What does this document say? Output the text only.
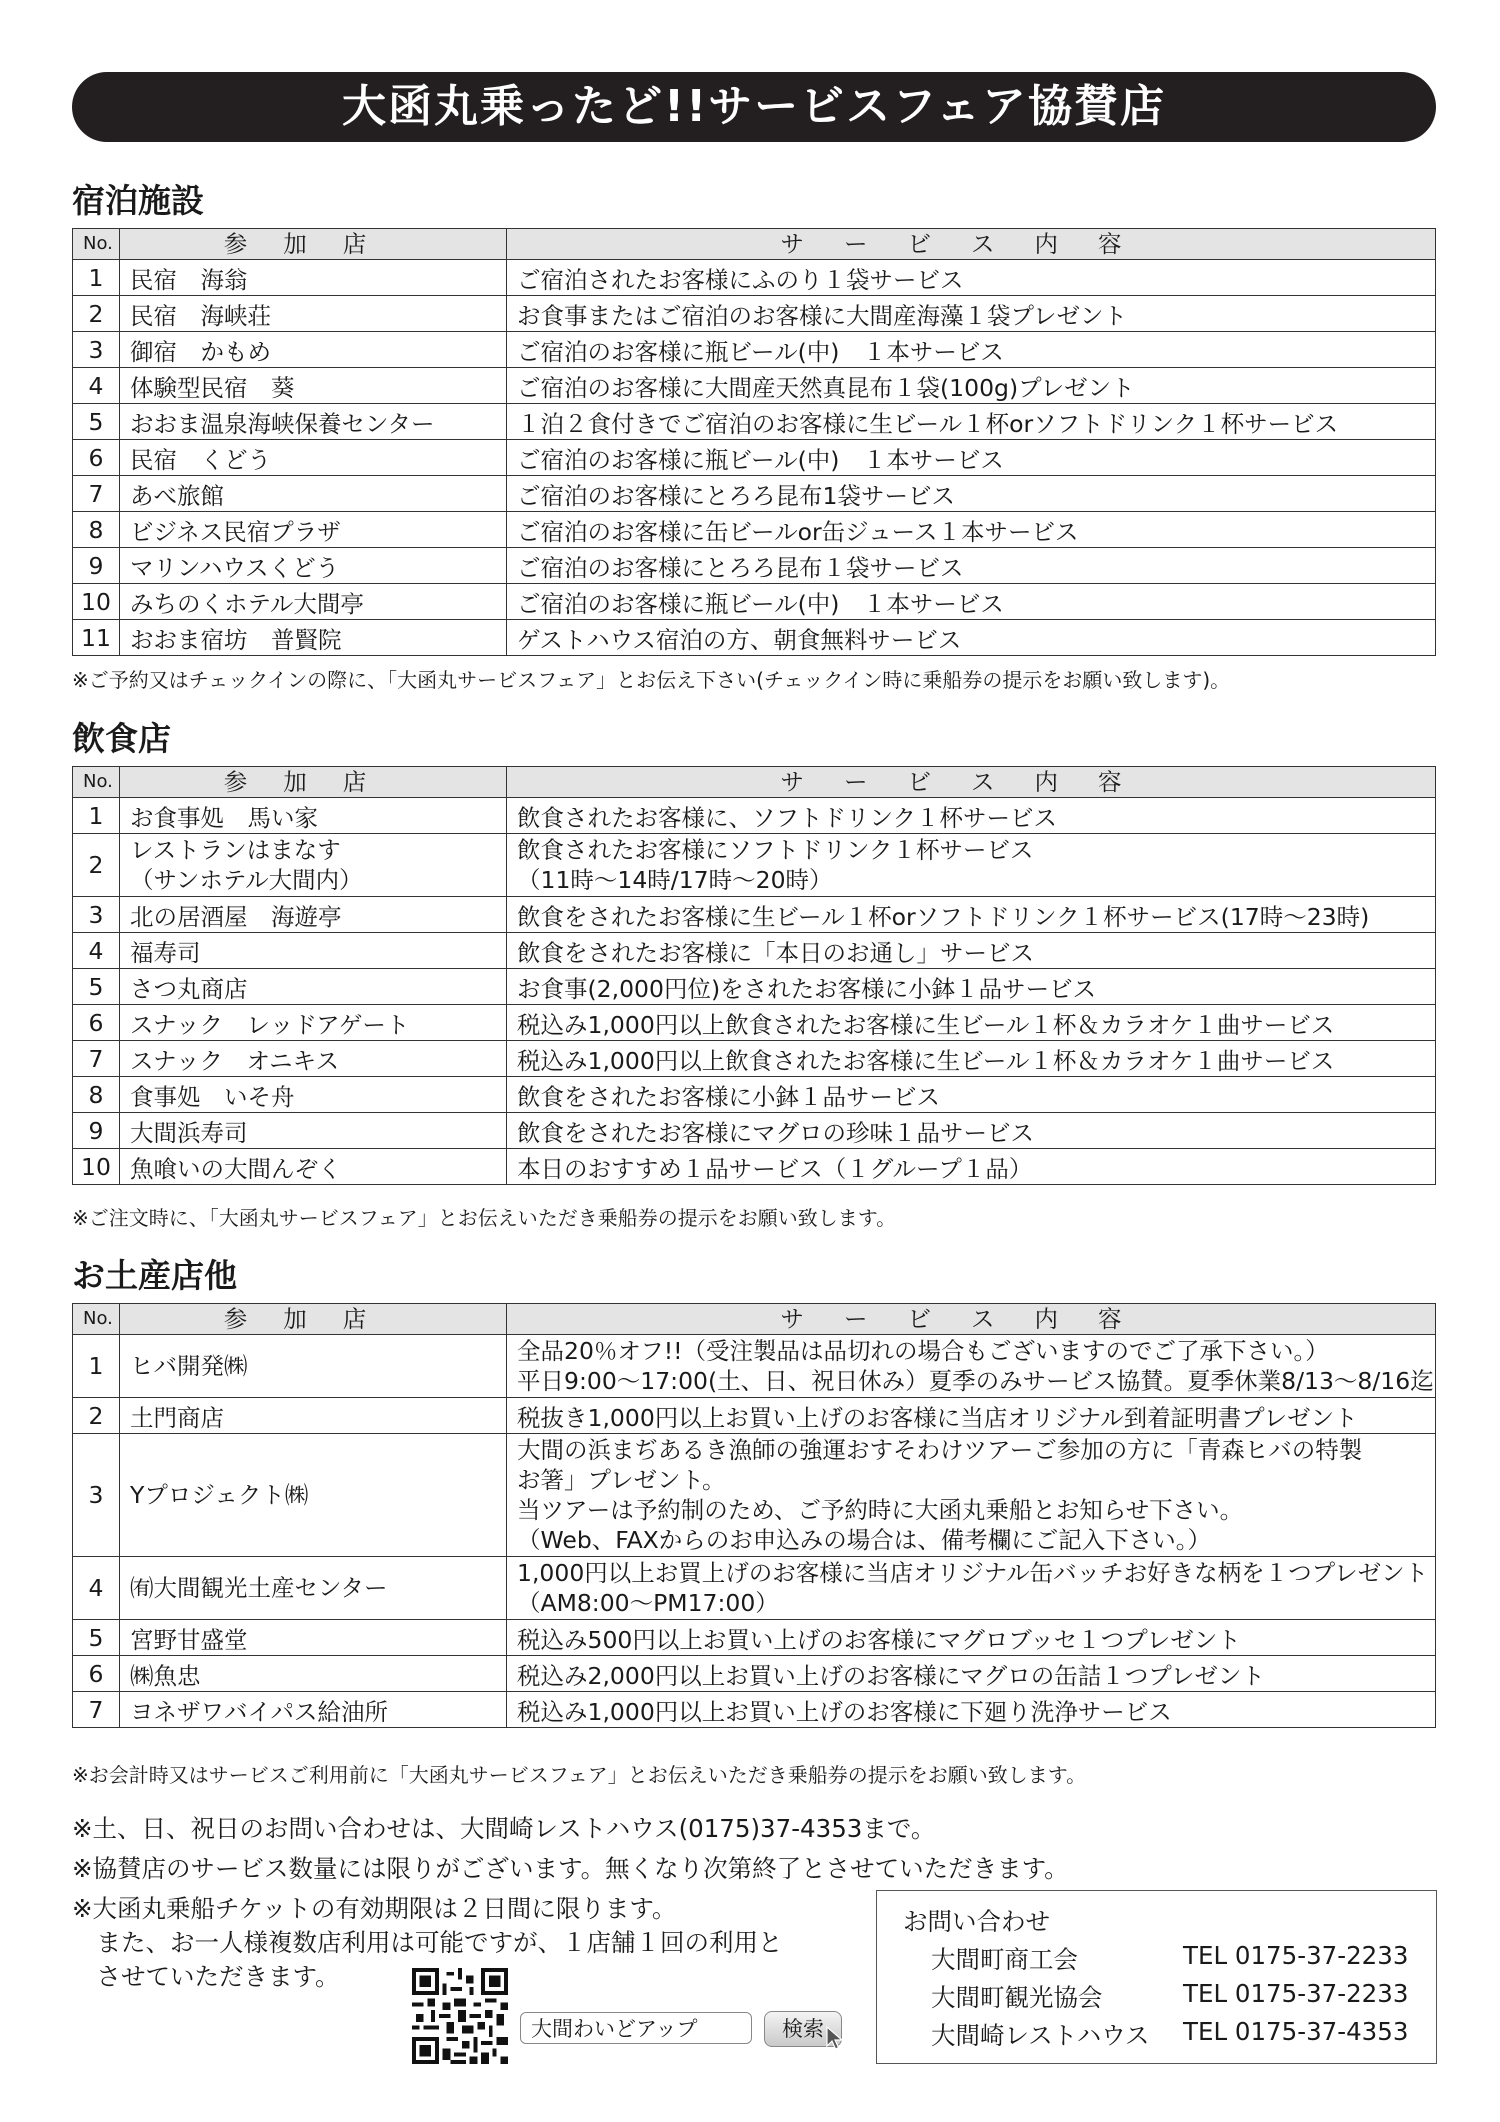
大函丸乗ったど!!サービスフェア協賛店
宿泊施設
No.	参加店	サービス内容
1	民宿　海翁	ご宿泊されたお客様にふのり１袋サービス

2	民宿　海峡荘	お食事またはご宿泊のお客様に大間産海藻１袋プレゼント

3	御宿　かもめ	ご宿泊のお客様に瓶ビール(中)　１本サービス

4	体験型民宿　葵	ご宿泊のお客様に大間産天然真昆布１袋(100g)プレゼント

5	おおま温泉海峡保養センター	１泊２食付きでご宿泊のお客様に生ビール１杯orソフトドリンク１杯サービス

6	民宿　くどう	ご宿泊のお客様に瓶ビール(中)　１本サービス

7	あべ旅館	ご宿泊のお客様にとろろ昆布1袋サービス

8	ビジネス民宿プラザ	ご宿泊のお客様に缶ビールor缶ジュース１本サービス

9	マリンハウスくどう	ご宿泊のお客様にとろろ昆布１袋サービス

10	みちのくホテル大間亭	ご宿泊のお客様に瓶ビール(中)　１本サービス

11	おおま宿坊　普賢院	ゲストハウス宿泊の方、朝食無料サービス
※ご予約又はチェックインの際に、「大函丸サービスフェア」とお伝え下さい(チェックイン時に乗船券の提示をお願い致します)。
飲食店
No.	参加店	サービス内容
1	お食事処　馬い家	飲食されたお客様に、ソフトドリンク１杯サービス

2	レストランはまなす
（サンホテル大間内）	飲食されたお客様にソフトドリンク１杯サービス
（11時～14時/17時～20時）

3	北の居酒屋　海遊亭	飲食をされたお客様に生ビール１杯orソフトドリンク１杯サービス(17時～23時)

4	福寿司	飲食をされたお客様に「本日のお通し」サービス

5	さつ丸商店	お食事(2,000円位)をされたお客様に小鉢１品サービス

6	スナック　レッドアゲート	税込み1,000円以上飲食されたお客様に生ビール１杯＆カラオケ１曲サービス

7	スナック　オニキス	税込み1,000円以上飲食されたお客様に生ビール１杯＆カラオケ１曲サービス

8	食事処　いそ舟	飲食をされたお客様に小鉢１品サービス

9	大間浜寿司	飲食をされたお客様にマグロの珍味１品サービス

10	魚喰いの大間んぞく	本日のおすすめ１品サービス（１グループ１品）
※ご注文時に、「大函丸サービスフェア」とお伝えいただき乗船券の提示をお願い致します。
お土産店他
No.	参加店	サービス内容
1	ヒバ開発㈱	全品20％オフ!!（受注製品は品切れの場合もございますのでご了承下さい。）
平日9:00～17:00(土、日、祝日休み）夏季のみサービス協賛。夏季休業8/13～8/16迄

2	土門商店	税抜き1,000円以上お買い上げのお客様に当店オリジナル到着証明書プレゼント

3	Yプロジェクト㈱	大間の浜まぢあるき漁師の強運おすそわけツアーご参加の方に「青森ヒバの特製
お箸」プレゼント。
当ツアーは予約制のため、ご予約時に大函丸乗船とお知らせ下さい。
（Web、FAXからのお申込みの場合は、備考欄にご記入下さい。）

4	㈲大間観光土産センター	1,000円以上お買上げのお客様に当店オリジナル缶バッチお好きな柄を１つプレゼント
（AM8:00～PM17:00）

5	宮野甘盛堂	税込み500円以上お買い上げのお客様にマグロブッセ１つプレゼント

6	㈱魚忠	税込み2,000円以上お買い上げのお客様にマグロの缶詰１つプレゼント

7	ヨネザワバイパス給油所	税込み1,000円以上お買い上げのお客様に下廻り洗浄サービス
※お会計時又はサービスご利用前に「大函丸サービスフェア」とお伝えいただき乗船券の提示をお願い致します。
※土、日、祝日のお問い合わせは、大間崎レストハウス(0175)37-4353まで。
※協賛店のサービス数量には限りがございます。無くなり次第終了とさせていただきます。
※大函丸乗船チケットの有効期限は２日間に限ります。
　また、お一人様複数店利用は可能ですが、１店舗１回の利用と
　させていただきます。
お問い合わせ
大間町商工会	TEL 0175-37-2233
大間町観光協会	TEL 0175-37-2233
大間崎レストハウス TEL 0175-37-4353
大間わいどアップ	検索
